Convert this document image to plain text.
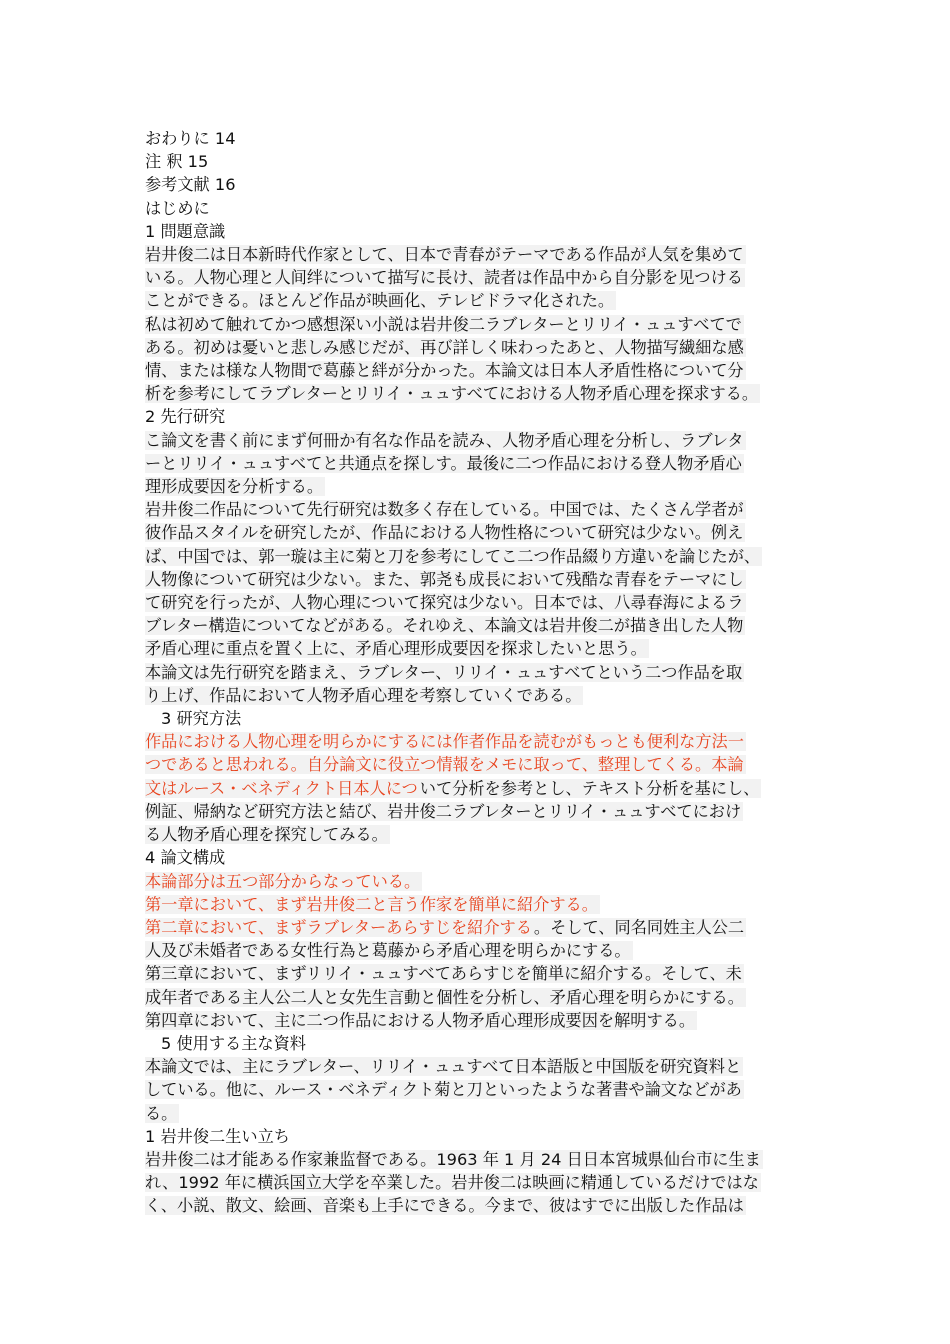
おわりに 14
注 釈 15
参考文献 16
はじめに
1 問題意識
岩井俊二は日本新時代作家として、日本で青春がテーマである作品が人気を集めて
いる。人物心理と人间绊について描写に長け、読者は作品中から自分影を见つける
ことができる。ほとんど作品が映画化、テレビドラマ化された。
私は初めて触れてかつ感想深い小説は岩井俊二ラブレターとリリイ・ュュすべてで
ある。初めは憂いと悲しみ感じだが、再び詳しく味わったあと、人物描写繊細な感
情、または様な人物間で葛藤と絆が分かった。本論文は日本人矛盾性格について分
析を参考にしてラブレターとリリイ・ュュすべてにおける人物矛盾心理を探求する。
2 先行研究
こ論文を書く前にまず何冊か有名な作品を読み、人物矛盾心理を分析し、ラブレタ
ーとリリイ・ュュすべてと共通点を探しす。最後に二つ作品における登人物矛盾心
理形成要因を分析する。
岩井俊二作品について先行研究は数多く存在している。中国では、たくさん学者が
彼作品スタイルを研究したが、作品における人物性格について研究は少ない。例え
ば、中国では、郭一璇は主に菊と刀を参考にしてこ二つ作品綴り方違いを論じたが、
人物像について研究は少ない。また、郭尧も成長において残酷な青春をテーマにし
て研究を行ったが、人物心理について探究は少ない。日本では、八尋春海によるラ
ブレター構造についてなどがある。それゆえ、本論文は岩井俊二が描き出した人物
矛盾心理に重点を置く上に、矛盾心理形成要因を探求したいと思う。
本論文は先行研究を踏まえ、ラブレター、リリイ・ュュすべてという二つ作品を取
り上げ、作品において人物矛盾心理を考察していくである。
3 研究方法
作品における人物心理を明らかにするには作者作品を読むがもっとも便利な方法一
つであると思われる。自分論文に役立つ情報をメモに取って、整理してくる。本論
文はルース・ベネディクト日本人につ いて分析を参考とし、テキスト分析を基にし、
例証、帰納など研究方法と結び、岩井俊二ラブレターとリリイ・ュュすべてにおけ
る人物矛盾心理を探究してみる。
4 論文構成
本論部分は五つ部分からなっている。
第一章において、まず岩井俊二と言う作家を簡単に紹介する。
第二章において、まずラブレターあらすじを紹介する 。そして、同名同姓主人公二
人及び未婚者である女性行為と葛藤から矛盾心理を明らかにする。
第三章において、まずリリイ・ュュすべてあらすじを簡単に紹介する。そして、未
成年者である主人公二人と女先生言動と個性を分析し、矛盾心理を明らかにする。
第四章において、主に二つ作品における人物矛盾心理形成要因を解明する。
5 使用する主な資料
本論文では、主にラブレター、リリイ・ュュすべて日本語版と中国版を研究資料と
している。他に、ルース・ベネディクト菊と刀といったような著書や論文などがあ
る。
1 岩井俊二生い立ち
岩井俊二は才能ある作家兼监督である。1963 年 1 月 24 日日本宮城県仙台市に生ま
れ、1992 年に横浜国立大学を卒業した。岩井俊二は映画に精通しているだけではな
く、小説、散文、絵画、音楽も上手にできる。今まで、彼はすでに出版した作品は
